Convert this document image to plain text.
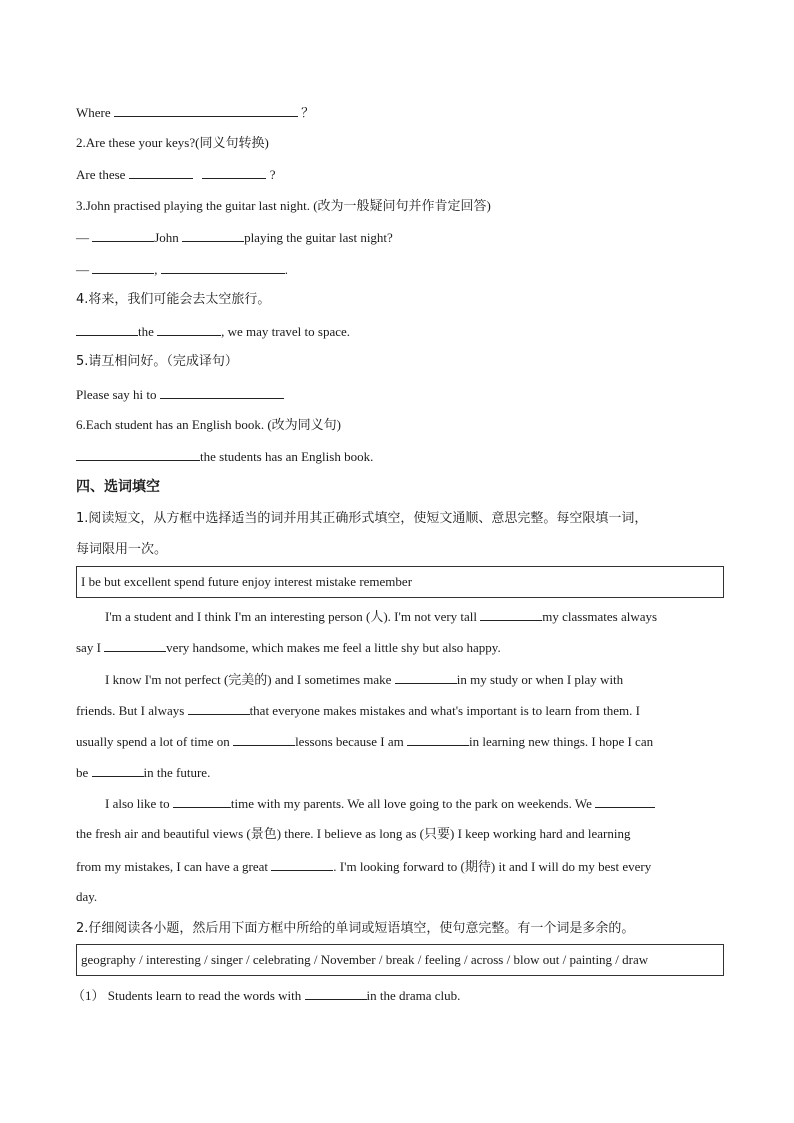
Where	？
2.Are these your keys?(同义句转换)
Are these	?
3.John practised playing the guitar last night. (改为一般疑问句并作肯定回答)
—	John	playing the guitar last night?
—	,	.
4.将来，我们可能会去太空旅行。
the	, we may travel to space.
5.请互相问好。（完成译句）
Please say hi to
6.Each student has an English book. (改为同义句)
the students has an English book.
四、选词填空
1.阅读短文，从方框中选择适当的词并用其正确形式填空，使短文通顺、意思完整。每空限填一词，
每词限用一次。
I be but excellent spend future enjoy interest mistake remember
I'm a student and I think I'm an interesting person (人). I'm not very tall	my classmates always
say I	very handsome, which makes me feel a little shy but also happy.
I know I'm not perfect (完美的) and I sometimes make	in my study or when I play with
friends. But I always	that everyone makes mistakes and what's important is to learn from them. I
usually spend a lot of time on	lessons because I am	in learning new things. I hope I can
be	in the future.
I also like to	time with my parents. We all love going to the park on weekends. We
the fresh air and beautiful views (景色) there. I believe as long as (只要) I keep working hard and learning
from my mistakes, I can have a great	. I'm looking forward to (期待) it and I will do my best every
day.
2.仔细阅读各小题，然后用下面方框中所给的单词或短语填空，使句意完整。有一个词是多余的。
geography / interesting / singer / celebrating / November / break / feeling / across / blow out / painting / draw
（1） Students learn to read the words with	in the drama club.
